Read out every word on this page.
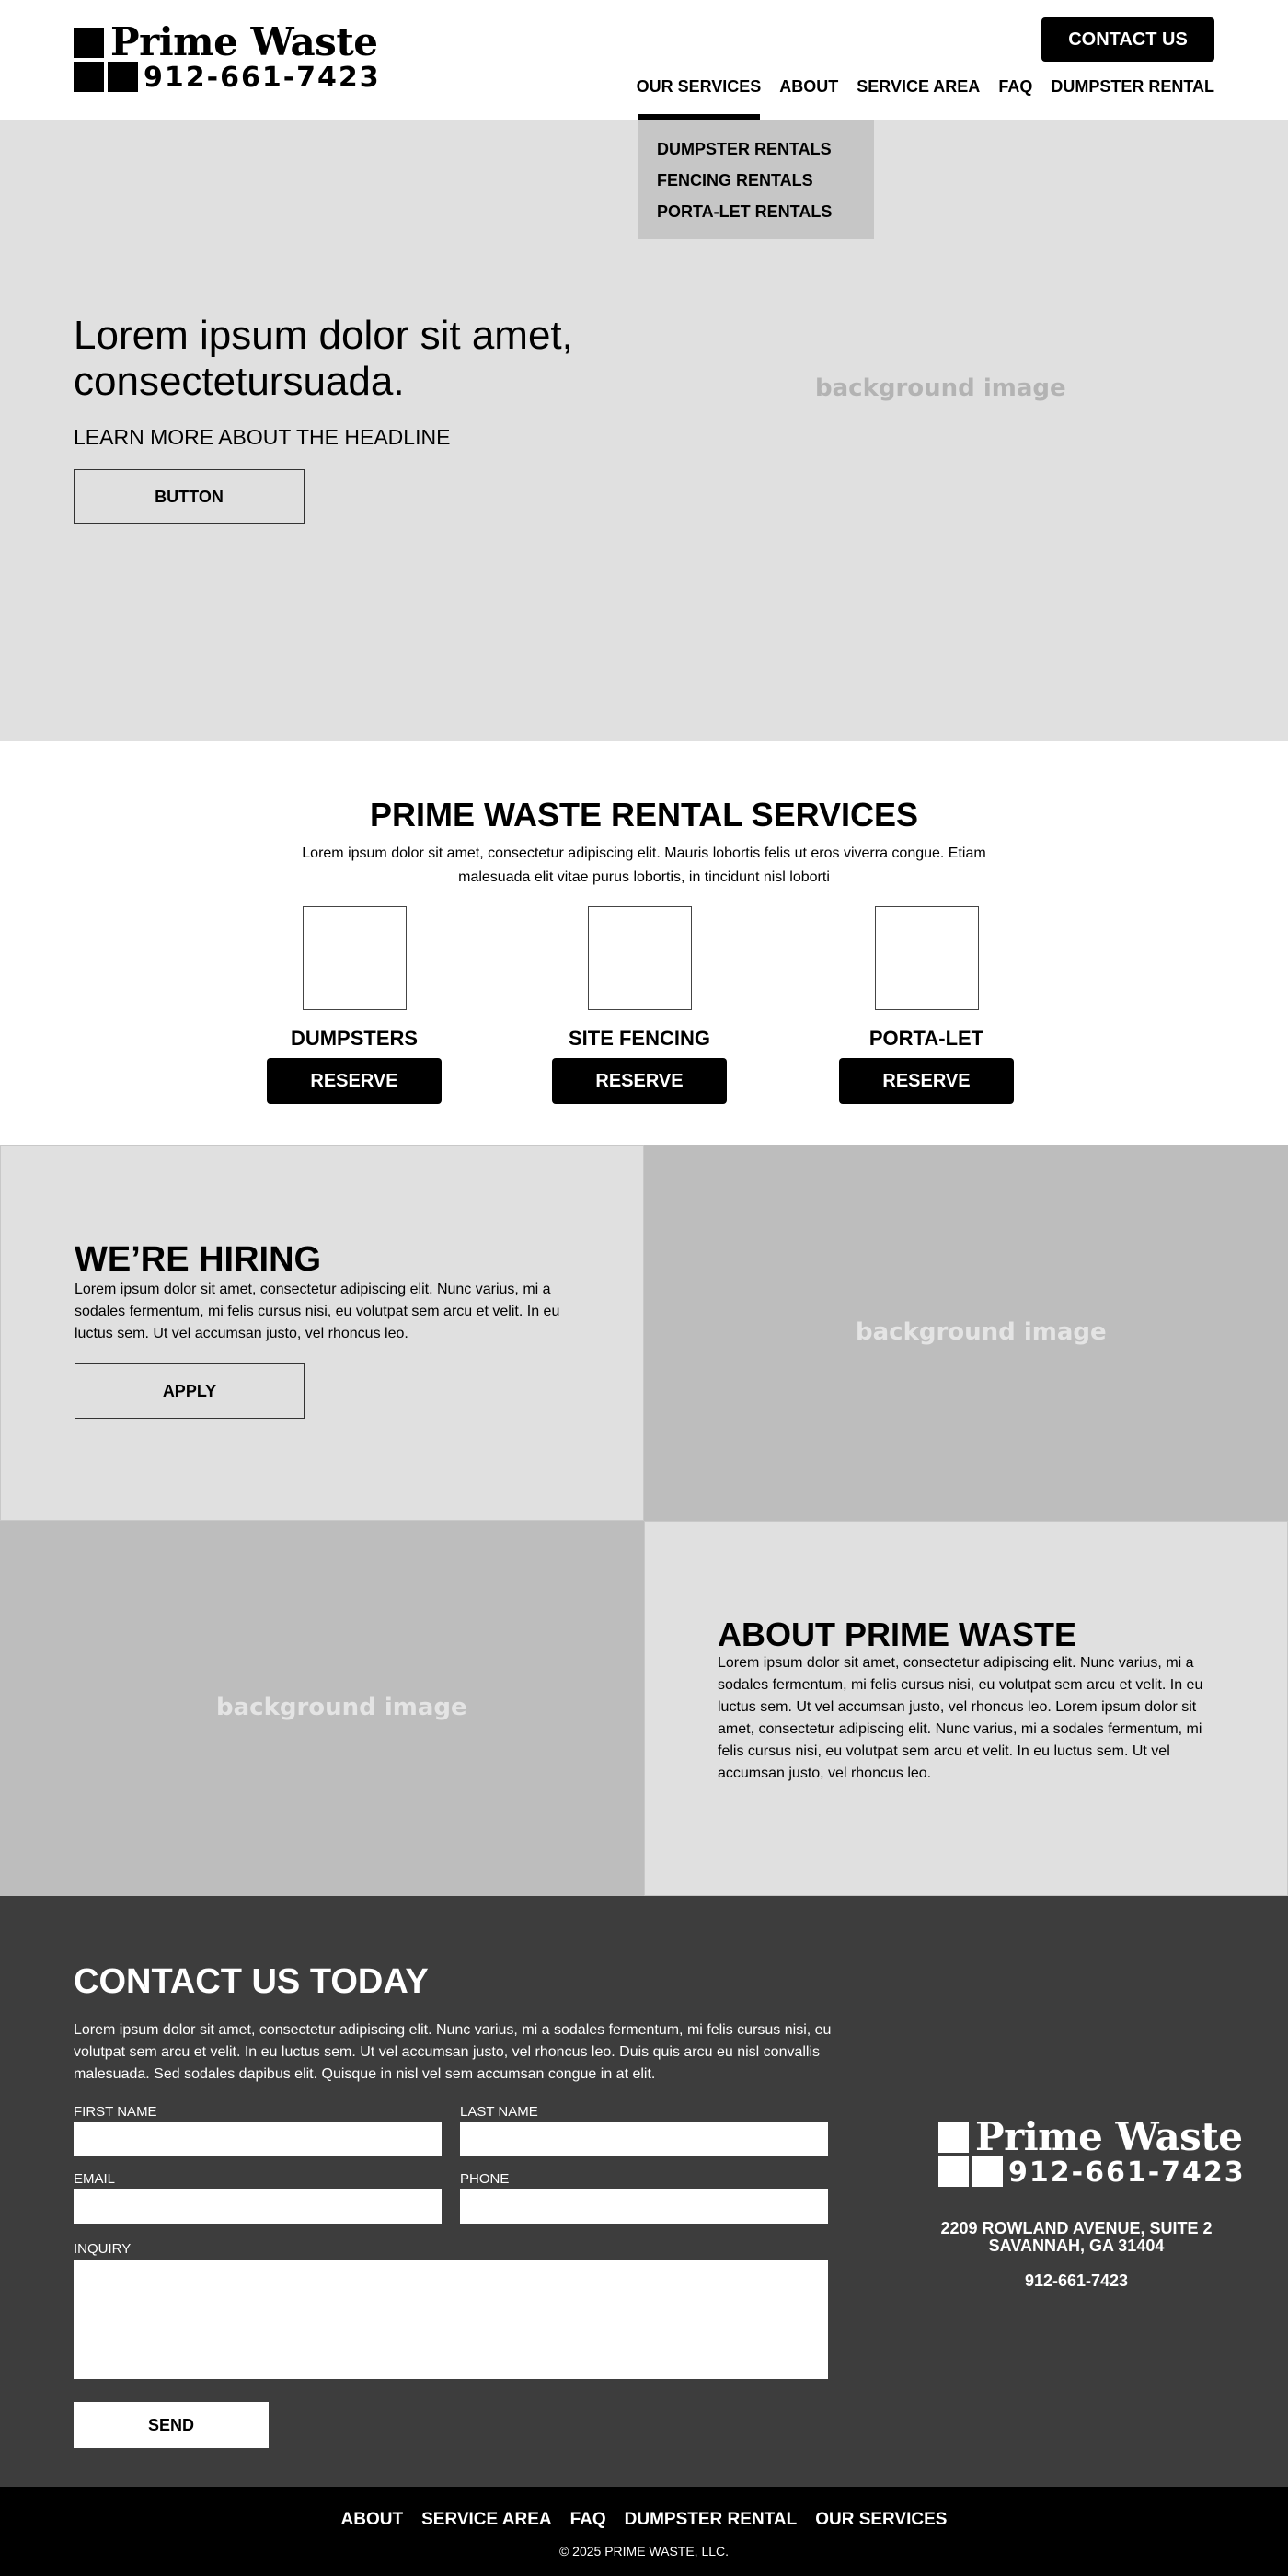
Prime Waste
912-661-7423
CONTACT US
OUR SERVICES ABOUT SERVICE AREA FAQ DUMPSTER RENTAL
Lorem ipsum dolor sit amet, consectetursuada.
LEARN MORE ABOUT THE HEADLINE
BUTTON
background image
DUMPSTER RENTALS
FENCING RENTALS
PORTA-LET RENTALS
PRIME WASTE RENTAL SERVICES

Lorem ipsum dolor sit amet, consectetur adipiscing elit. Mauris lobortis felis ut eros viverra congue. Etiam malesuada elit vitae purus lobortis, in tincidunt nisl loborti

DUMPSTERS
RESERVE
SITE FENCING
RESERVE
PORTA-LET
RESERVE
WE’RE HIRING

Lorem ipsum dolor sit amet, consectetur adipiscing elit. Nunc varius, mi a sodales fermentum, mi felis cursus nisi, eu volutpat sem arcu et velit. In eu luctus sem. Ut vel accumsan justo, vel rhoncus leo.

APPLY
background image
background image
ABOUT PRIME WASTE

Lorem ipsum dolor sit amet, consectetur adipiscing elit. Nunc varius, mi a sodales fermentum, mi felis cursus nisi, eu volutpat sem arcu et velit. In eu luctus sem. Ut vel accumsan justo, vel rhoncus leo. Lorem ipsum dolor sit amet, consectetur adipiscing elit. Nunc varius, mi a sodales fermentum, mi felis cursus nisi, eu volutpat sem arcu et velit. In eu luctus sem. Ut vel accumsan justo, vel rhoncus leo.

CONTACT US TODAY

Lorem ipsum dolor sit amet, consectetur adipiscing elit. Nunc varius, mi a sodales fermentum, mi felis cursus nisi, eu volutpat sem arcu et velit. In eu luctus sem. Ut vel accumsan justo, vel rhoncus leo. Duis quis arcu eu nisl convallis malesuada. Sed sodales dapibus elit. Quisque in nisl vel sem accumsan congue in at elit.

FIRST NAME	LAST NAME
EMAIL	PHONE
INQUIRY
SEND
Prime Waste
912-661-7423
2209 ROWLAND AVENUE, SUITE 2
SAVANNAH, GA 31404
912-661-7423
ABOUT SERVICE AREA FAQ DUMPSTER RENTAL OUR SERVICES
© 2025 PRIME WASTE, LLC.
